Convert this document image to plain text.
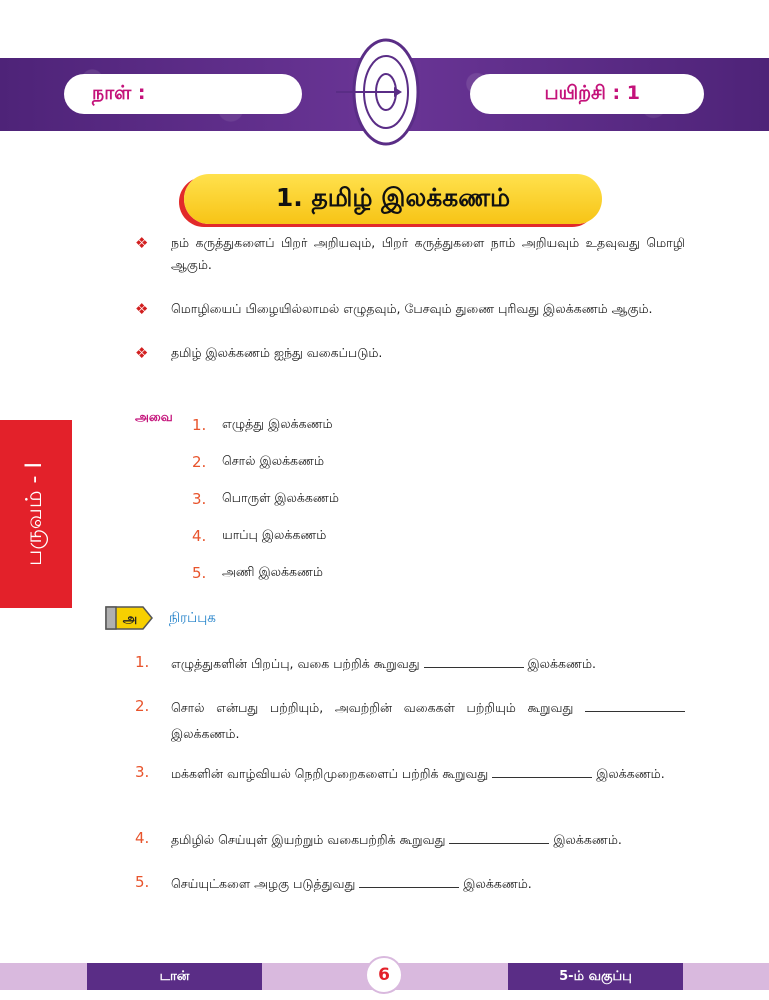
நாள் :	பயிற்சி : 1
1. தமிழ் இலக்கணம்
❖	நம் கருத்துகளைப் பிறர் அறியவும், பிறர் கருத்துகளை நாம் அறியவும் உதவுவது மொழி ஆகும்.
❖	மொழியைப் பிழையில்லாமல் எழுதவும், பேசவும் துணை புரிவது இலக்கணம் ஆகும்.
❖	தமிழ் இலக்கணம் ஐந்து வகைப்படும்.
பருவம் - I
அவை 1.	எழுத்து இலக்கணம்
2.	சொல் இலக்கணம்
3.	பொருள் இலக்கணம்
4.	யாப்பு இலக்கணம்
5.	அணி இலக்கணம்
அ நிரப்புக
1.	எழுத்துகளின் பிறப்பு, வகை பற்றிக் கூறுவது	இலக்கணம்.
2.	சொல் என்பது பற்றியும், அவற்றின் வகைகள் பற்றியும் கூறுவது  இலக்கணம்.
3.	மக்களின் வாழ்வியல் நெறிமுறைகளைப் பற்றிக் கூறுவது	இலக்கணம்.
4.	தமிழில் செய்யுள் இயற்றும் வகைபற்றிக் கூறுவது	இலக்கணம்.
5.	செய்யுட்களை அழகு படுத்துவது	இலக்கணம்.
டான்	6	5-ம் வகுப்பு
